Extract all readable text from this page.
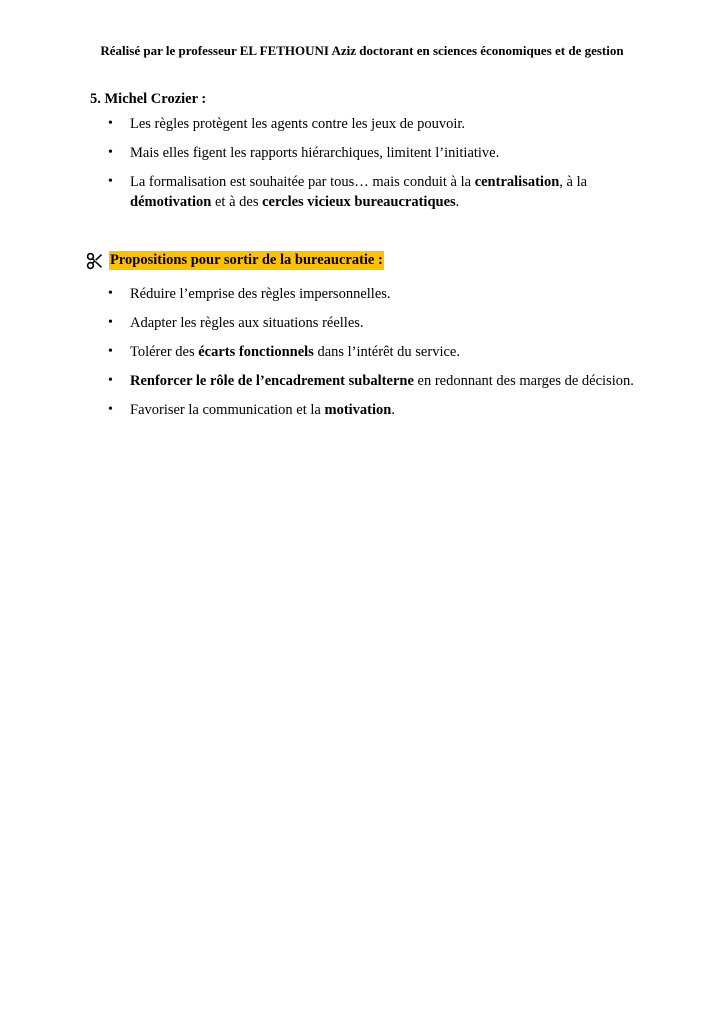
Réalisé par le professeur EL FETHOUNI Aziz doctorant en sciences économiques et de gestion
5. Michel Crozier :
• Les règles protègent les agents contre les jeux de pouvoir.
• Mais elles figent les rapports hiérarchiques, limitent l’initiative.
• La formalisation est souhaitée par tous… mais conduit à la centralisation, à la démotivation et à des cercles vicieux bureaucratiques.
Propositions pour sortir de la bureaucratie :
• Réduire l’emprise des règles impersonnelles.
• Adapter les règles aux situations réelles.
• Tolérer des écarts fonctionnels dans l’intérêt du service.
• Renforcer le rôle de l’encadrement subalterne en redonnant des marges de décision.
• Favoriser la communication et la motivation.
